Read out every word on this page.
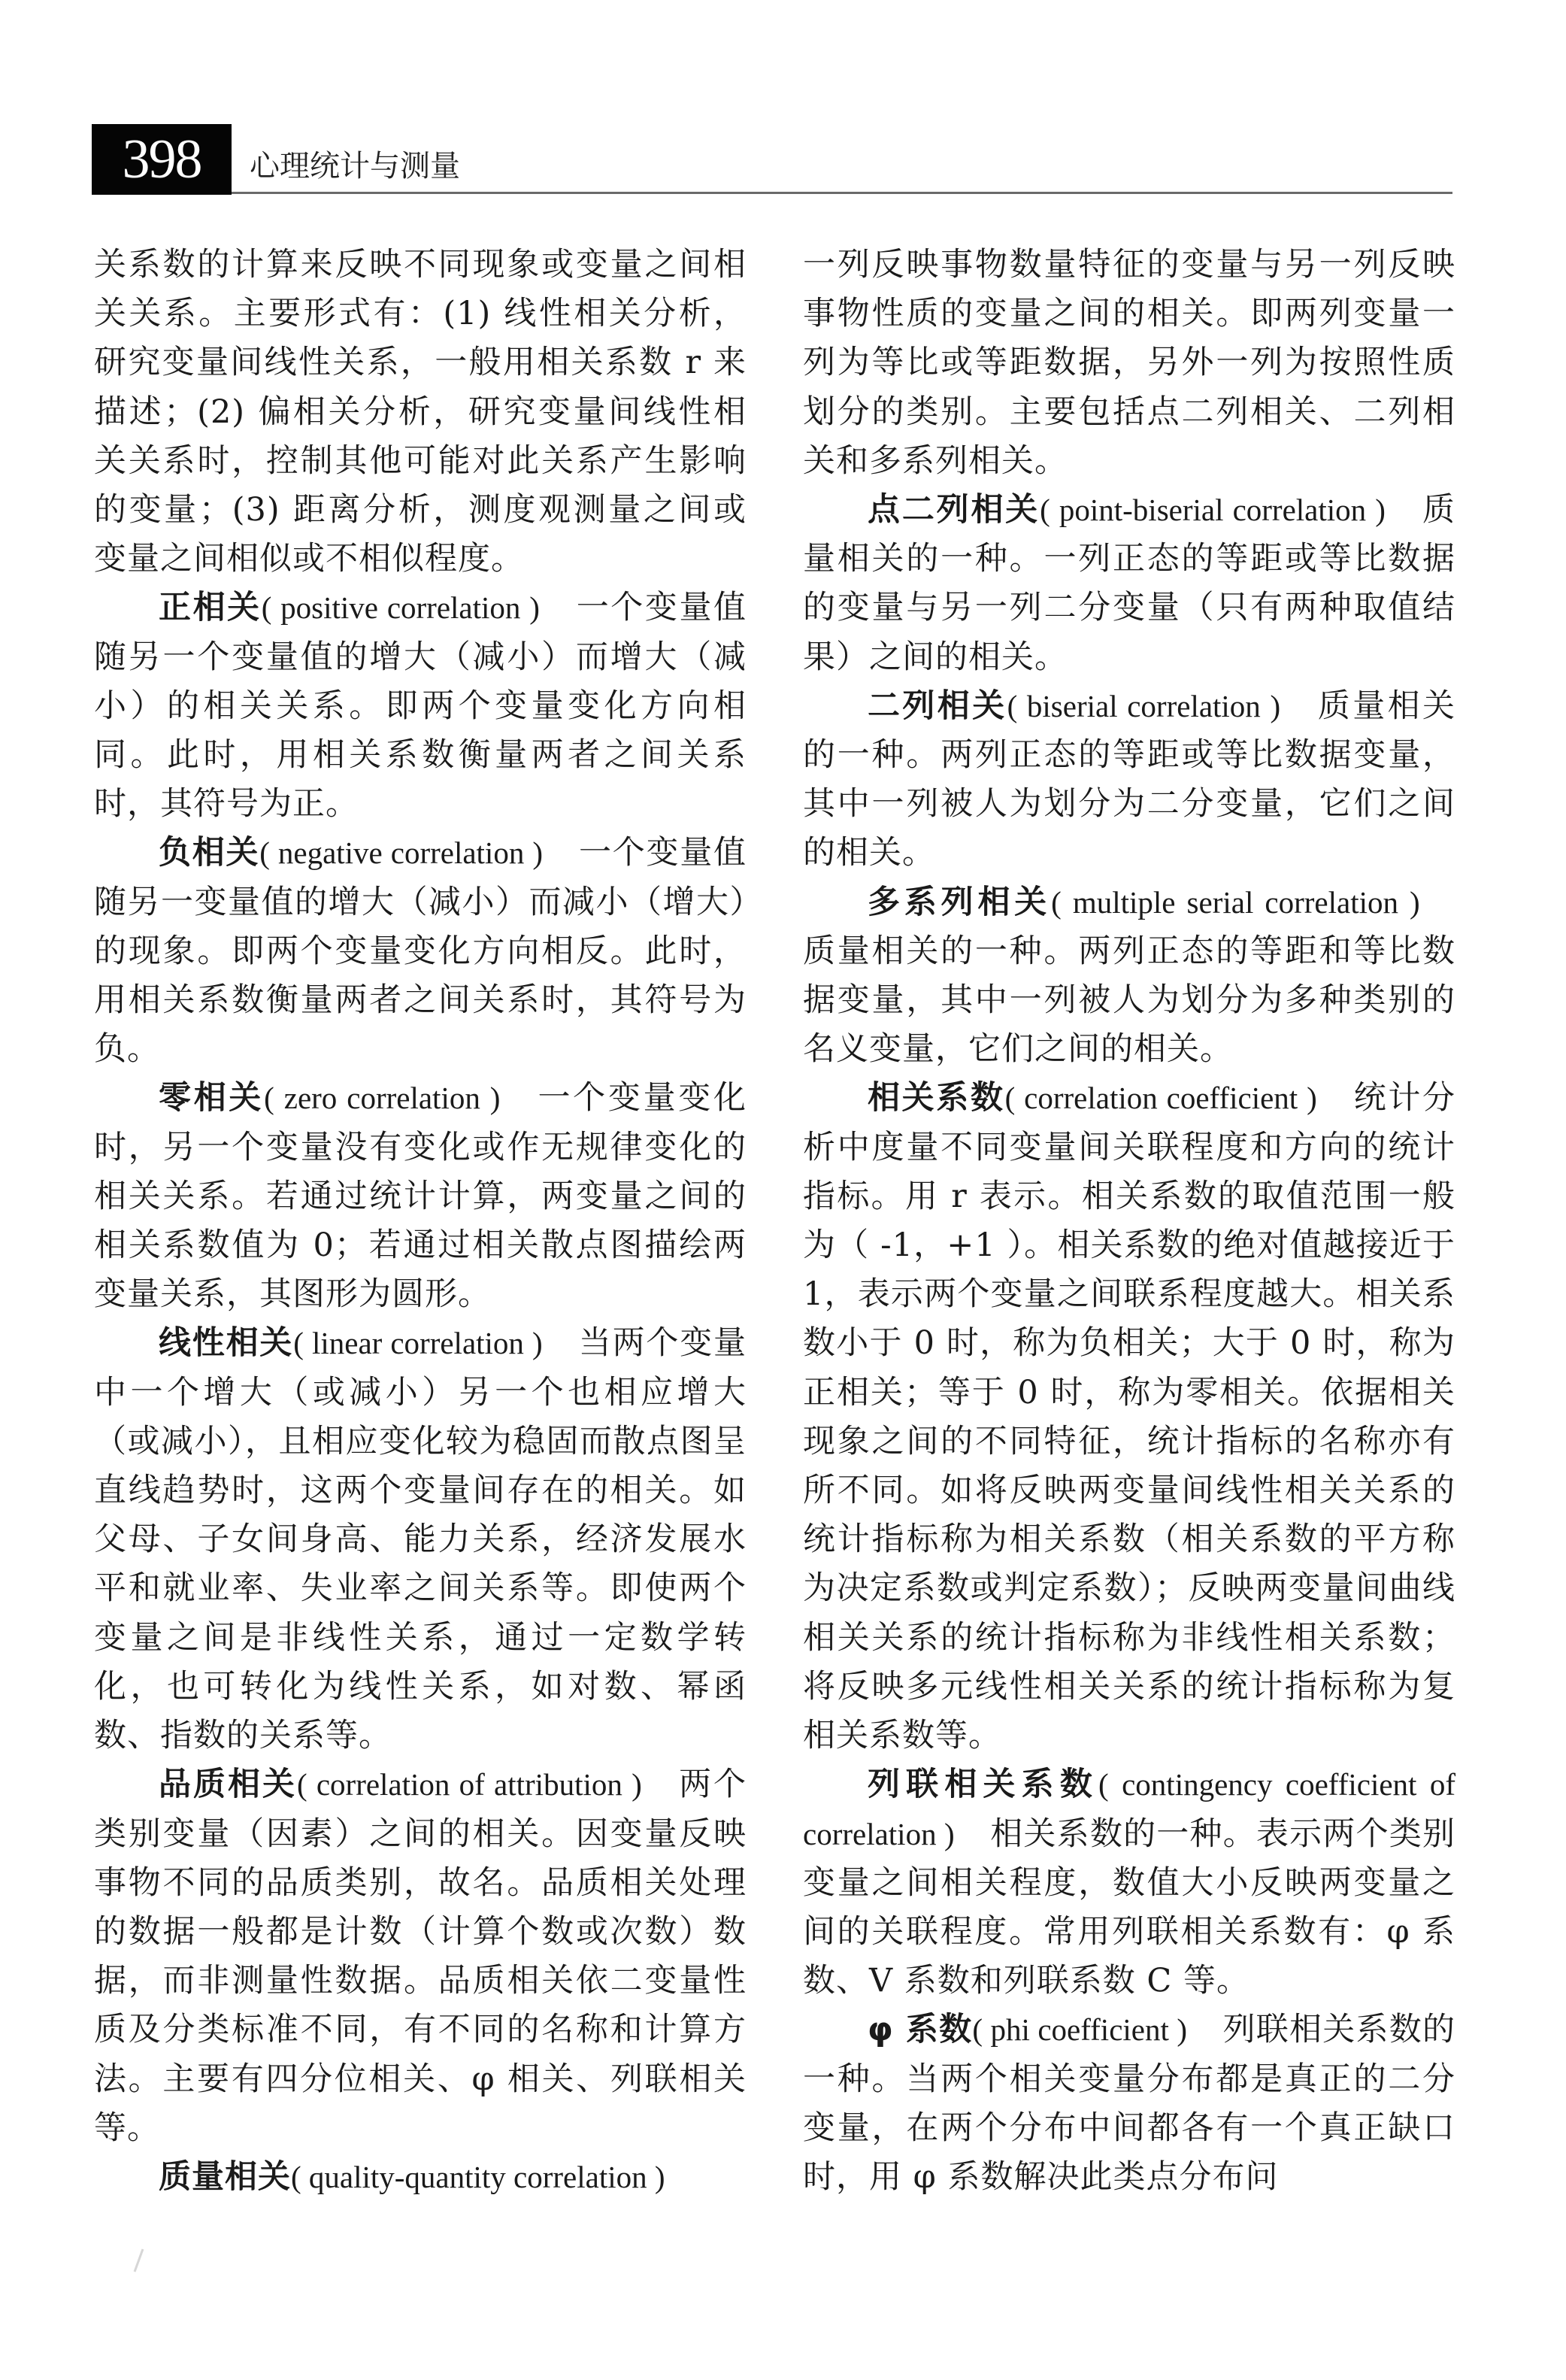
398	心理统计与测量

关系数的计算来反映不同现象或变量之间相关关系。主要形式有：(1) 线性相关分析，研究变量间线性关系，一般用相关系数 r 来描述；(2) 偏相关分析，研究变量间线性相关关系时，控制其他可能对此关系产生影响的变量；(3) 距离分析，测度观测量之间或变量之间相似或不相似程度。

正相关( positive correlation ) 一个变量值随另一个变量值的增大（减小）而增大（减小）的相关关系。即两个变量变化方向相同。此时，用相关系数衡量两者之间关系时，其符号为正。

负相关( negative correlation ) 一个变量值随另一变量值的增大（减小）而减小（增大）的现象。即两个变量变化方向相反。此时，用相关系数衡量两者之间关系时，其符号为负。

零相关( zero correlation ) 一个变量变化时，另一个变量没有变化或作无规律变化的相关关系。若通过统计计算，两变量之间的相关系数值为 0；若通过相关散点图描绘两变量关系，其图形为圆形。

线性相关( linear correlation ) 当两个变量中一个增大（或减小）另一个也相应增大（或减小），且相应变化较为稳固而散点图呈直线趋势时，这两个变量间存在的相关。如父母、子女间身高、能力关系，经济发展水平和就业率、失业率之间关系等。即使两个变量之间是非线性关系，通过一定数学转化，也可转化为线性关系，如对数、幂函数、指数的关系等。

品质相关( correlation of attribution ) 两个类别变量（因素）之间的相关。因变量反映事物不同的品质类别，故名。品质相关处理的数据一般都是计数（计算个数或次数）数据，而非测量性数据。品质相关依二变量性质及分类标准不同，有不同的名称和计算方法。主要有四分位相关、φ 相关、列联相关等。

质量相关( quality-quantity correlation )

一列反映事物数量特征的变量与另一列反映事物性质的变量之间的相关。即两列变量一列为等比或等距数据，另外一列为按照性质划分的类别。主要包括点二列相关、二列相关和多系列相关。

点二列相关( point-biserial correlation ) 质量相关的一种。一列正态的等距或等比数据的变量与另一列二分变量（只有两种取值结果）之间的相关。

二列相关( biserial correlation ) 质量相关的一种。两列正态的等距或等比数据变量，其中一列被人为划分为二分变量，它们之间的相关。

多系列相关( multiple serial correlation )质量相关的一种。两列正态的等距和等比数据变量，其中一列被人为划分为多种类别的名义变量，它们之间的相关。

相关系数( correlation coefficient ) 统计分析中度量不同变量间关联程度和方向的统计指标。用 r 表示。相关系数的取值范围一般为（ -1，+1 ）。相关系数的绝对值越接近于 1，表示两个变量之间联系程度越大。相关系数小于 0 时，称为负相关；大于 0 时，称为正相关；等于 0 时，称为零相关。依据相关现象之间的不同特征，统计指标的名称亦有所不同。如将反映两变量间线性相关关系的统计指标称为相关系数（相关系数的平方称为决定系数或判定系数）；反映两变量间曲线相关关系的统计指标称为非线性相关系数；将反映多元线性相关关系的统计指标称为复相关系数等。

列联相关系数( contingency coefficient of correlation ) 相关系数的一种。表示两个类别变量之间相关程度，数值大小反映两变量之间的关联程度。常用列联相关系数有：φ 系数、V 系数和列联系数 C 等。

φ 系数( phi coefficient ) 列联相关系数的一种。当两个相关变量分布都是真正的二分变量，在两个分布中间都各有一个真正缺口时，用 φ 系数解决此类点分布问
